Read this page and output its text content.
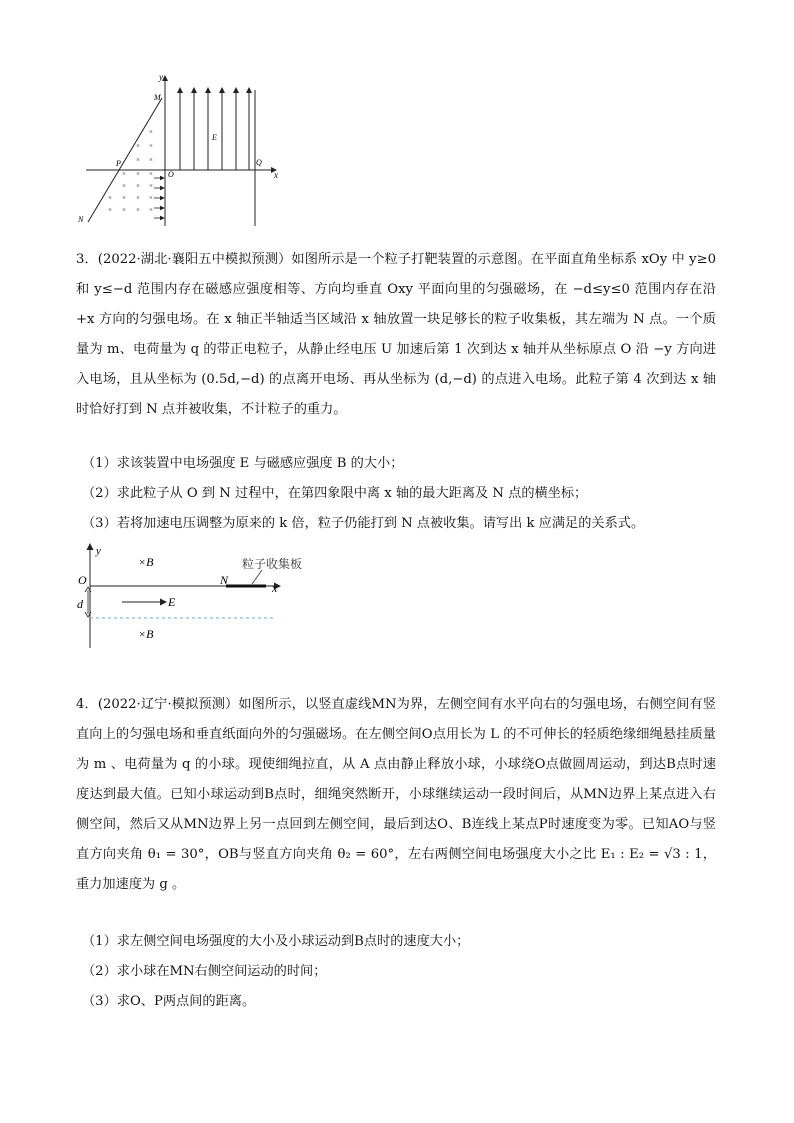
y
x
M
N
P
O
Q
E
×
×
×
×
×
× × ×
× × ×
× × × ×
× × × ×

3．(2022·湖北·襄阳五中模拟预测）如图所示是一个粒子打靶装置的示意图。在平面直角坐标系 xOy 中 y≥0和 y≤−d 范围内存在磁感应强度相等、方向均垂直 Oxy 平面向里的匀强磁场，在 −d≤y≤0 范围内存在沿 +x 方向的匀强电场。在 x 轴正半轴适当区域沿 x 轴放置一块足够长的粒子收集板，其左端为 N 点。一个质量为 m、电荷量为 q 的带正电粒子，从静止经电压 U 加速后第 1 次到达 x 轴并从坐标原点 O 沿 −y 方向进入电场，且从坐标为 (0.5d,−d) 的点离开电场、再从坐标为 (d,−d) 的点进入电场。此粒子第 4 次到达 x 轴时恰好打到 N 点并被收集，不计粒子的重力。

（1）求该装置中电场强度 E 与磁感应强度 B 的大小；

（2）求此粒子从 O 到 N 过程中，在第四象限中离 x 轴的最大距离及 N 点的横坐标；

（3）若将加速电压调整为原来的 k 倍，粒子仍能打到 N 点被收集。请写出 k 应满足的关系式。

y
x
O
粒子收集板
N
×B
×B
E
d

4．(2022·辽宁·模拟预测）如图所示，以竖直虚线MN为界，左侧空间有水平向右的匀强电场，右侧空间有竖直向上的匀强电场和垂直纸面向外的匀强磁场。在左侧空间O点用长为 L 的不可伸长的轻质绝缘细绳悬挂质量为 m 、电荷量为 q 的小球。现使细绳拉直，从 A 点由静止释放小球，小球绕O点做圆周运动，到达B点时速度达到最大值。已知小球运动到B点时，细绳突然断开，小球继续运动一段时间后，从MN边界上某点进入右侧空间，然后又从MN边界上另一点回到左侧空间，最后到达O、B连线上某点P时速度变为零。已知AO与竖直方向夹角 θ₁ = 30°，OB与竖直方向夹角 θ₂ = 60°，左右两侧空间电场强度大小之比 E₁ : E₂ = √3 : 1，重力加速度为 g 。

（1）求左侧空间电场强度的大小及小球运动到B点时的速度大小；

（2）求小球在MN右侧空间运动的时间；

（3）求O、P两点间的距离。
